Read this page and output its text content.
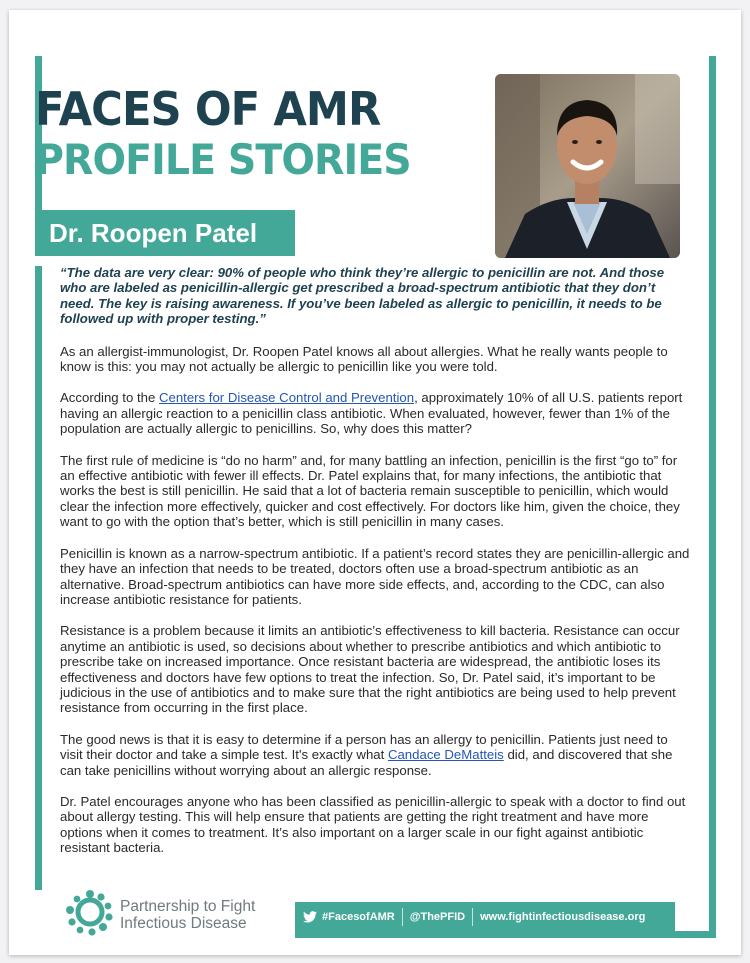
FACES OF AMR
PROFILE STORIES
Dr. Roopen Patel

“The data are very clear: 90% of people who think they’re allergic to penicillin are not. And those who are labeled as penicillin-allergic get prescribed a broad-spectrum antibiotic that they don’t need. The key is raising awareness. If you’ve been labeled as allergic to penicillin, it needs to be followed up with proper testing.”

As an allergist-immunologist, Dr. Roopen Patel knows all about allergies. What he really wants people to know is this: you may not actually be allergic to penicillin like you were told.

According to the Centers for Disease Control and Prevention, approximately 10% of all U.S. patients report having an allergic reaction to a penicillin class antibiotic. When evaluated, however, fewer than 1% of the population are actually allergic to penicillins. So, why does this matter?

The first rule of medicine is “do no harm” and, for many battling an infection, penicillin is the first “go to” for an effective antibiotic with fewer ill effects. Dr. Patel explains that, for many infections, the antibiotic that works the best is still penicillin. He said that a lot of bacteria remain susceptible to penicillin, which would clear the infection more effectively, quicker and cost effectively. For doctors like him, given the choice, they want to go with the option that’s better, which is still penicillin in many cases.

Penicillin is known as a narrow-spectrum antibiotic. If a patient’s record states they are penicillin-allergic and they have an infection that needs to be treated, doctors often use a broad-spectrum antibiotic as an alternative. Broad-spectrum antibiotics can have more side effects, and, according to the CDC, can also increase antibiotic resistance for patients.

Resistance is a problem because it limits an antibiotic’s effectiveness to kill bacteria. Resistance can occur anytime an antibiotic is used, so decisions about whether to prescribe antibiotics and which antibiotic to prescribe take on increased importance. Once resistant bacteria are widespread, the antibiotic loses its effectiveness and doctors have few options to treat the infection. So, Dr. Patel said, it’s important to be judicious in the use of antibiotics and to make sure that the right antibiotics are being used to help prevent resistance from occurring in the first place.

The good news is that it is easy to determine if a person has an allergy to penicillin. Patients just need to visit their doctor and take a simple test. It's exactly what Candace DeMatteis did, and discovered that she can take penicillins without worrying about an allergic response.

Dr. Patel encourages anyone who has been classified as penicillin-allergic to speak with a doctor to find out about allergy testing. This will help ensure that patients are getting the right treatment and have more options when it comes to treatment. It’s also important on a larger scale in our fight against antibiotic resistant bacteria.

Partnership to Fight
Infectious Disease	#FacesofAMR @ThePFID www.fightinfectiousdisease.org
